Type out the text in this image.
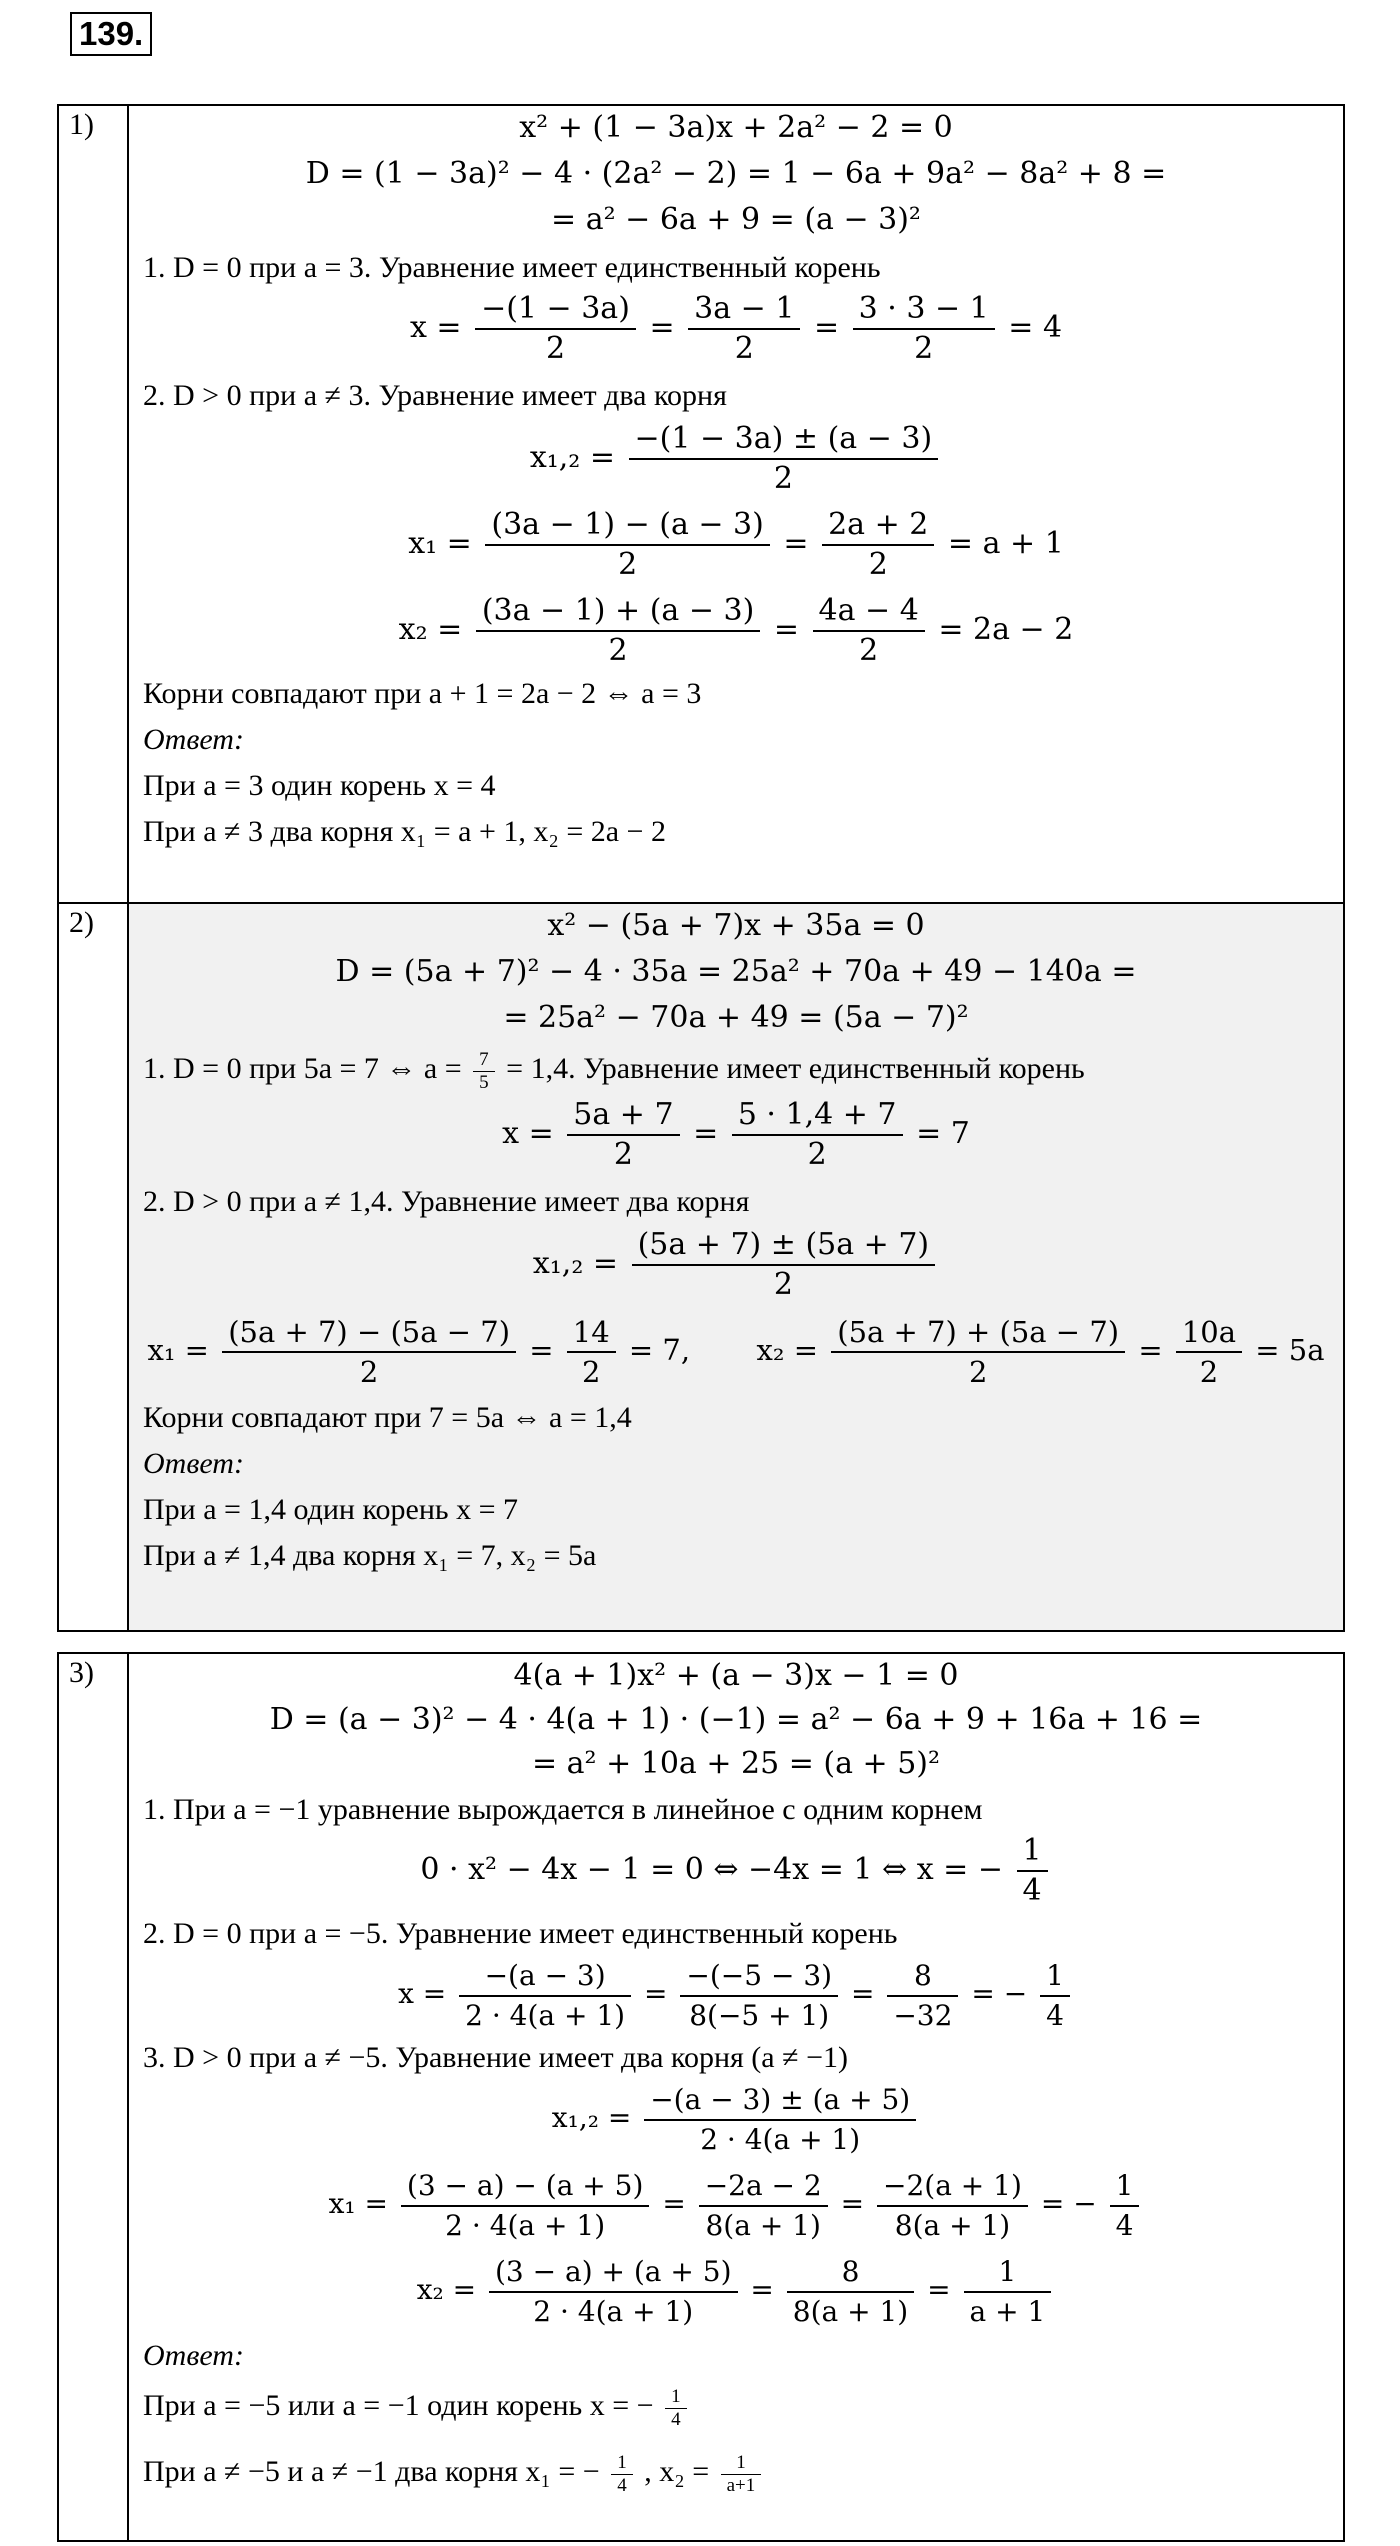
139.
1)	x² + (1 − 3a)x + 2a² − 2 = 0
D = (1 − 3a)² − 4 · (2a² − 2) = 1 − 6a + 9a² − 8a² + 8 =
= a² − 6a + 9 = (a − 3)²
1. D = 0 при a = 3. Уравнение имеет единственный корень
$x = \frac{-(1 - 3a)}{2} = \frac{3a - 1}{2} = \frac{3 \cdot 3 - 1}{2} = 4$
2. D > 0 при a ≠ 3. Уравнение имеет два корня
$x_1,_2 = \frac{-(1 - 3a) \pm (a - 3)}{2}$
$x_1 = \frac{(3a - 1) - (a - 3)}{2} = \frac{2a + 2}{2} = a + 1$
$x_2 = \frac{(3a - 1) + (a - 3)}{2} = \frac{4a - 4}{2} = 2a - 2$
Корни совпадают при a + 1 = 2a − 2 ⇔ a = 3
Ответ:
При a = 3 один корень x = 4
При a ≠ 3 два корня x₁ = a + 1, x₂ = 2a − 2
2)	x² − (5a + 7)x + 35a = 0
D = (5a + 7)² − 4 · 35a = 25a² + 70a + 49 − 140a =
= 25a² − 70a + 49 = (5a − 7)²
1. D = 0 при 5a = 7 ⇔ $a = \frac{7}{5} = 1,4$. Уравнение имеет единственный корень
$x = \frac{5a + 7}{2} = \frac{5 \cdot 1,4 + 7}{2} = 7$
2. D > 0 при a ≠ 1,4. Уравнение имеет два корня
$x_1,_2 = \frac{(5a + 7) \pm (5a + 7)}{2}$
$x_1 = \frac{(5a + 7) - (5a - 7)}{2} = \frac{14}{2} = 7$, $x_2 = \frac{(5a + 7) + (5a - 7)}{2} = \frac{10a}{2} = 5a$
Корни совпадают при 7 = 5a ⇔ a = 1,4
Ответ:
При a = 1,4 один корень x = 7
При a ≠ 1,4 два корня x₁ = 7, x₂ = 5a
3)	4(a + 1)x² + (a − 3)x − 1 = 0
D = (a − 3)² − 4 · 4(a + 1) · (−1) = a² − 6a + 9 + 16a + 16 =
= a² + 10a + 25 = (a + 5)²
1. При a = −1 уравнение вырождается в линейное с одним корнем
0 · x² − 4x − 1 = 0 ⇔ −4x = 1 ⇔ x = − $\frac{1}{4}$
2. D = 0 при a = −5. Уравнение имеет единственный корень
$x = \frac{-(a - 3)}{2 \cdot 4(a + 1)} = \frac{-(-5 - 3)}{8(-5 + 1)} = \frac{8}{-32}$ = − $\frac{1}{4}$
3. D > 0 при a ≠ −5. Уравнение имеет два корня (a ≠ −1)
$x_1,_2 = \frac{-(a - 3) \pm (a + 5)}{2 \cdot 4(a + 1)}$
$x_1 = \frac{(3 - a) - (a + 5)}{2 \cdot 4(a + 1)} = \frac{-2a - 2}{8(a + 1)} = \frac{-2(a + 1)}{8(a + 1)}$ = − $\frac{1}{4}$
$x_2 = \frac{(3 - a) + (a + 5)}{2 \cdot 4(a + 1)} = \frac{8}{8(a + 1)} = \frac{1}{a + 1}$
Ответ:
При a = −5 или a = −1 один корень x = − $\frac{1}{4}$
При a ≠ −5 и a ≠ −1 два корня x₁ = − $\frac{1}{4}$ , $x_2 = \frac{1}{a+1}$
